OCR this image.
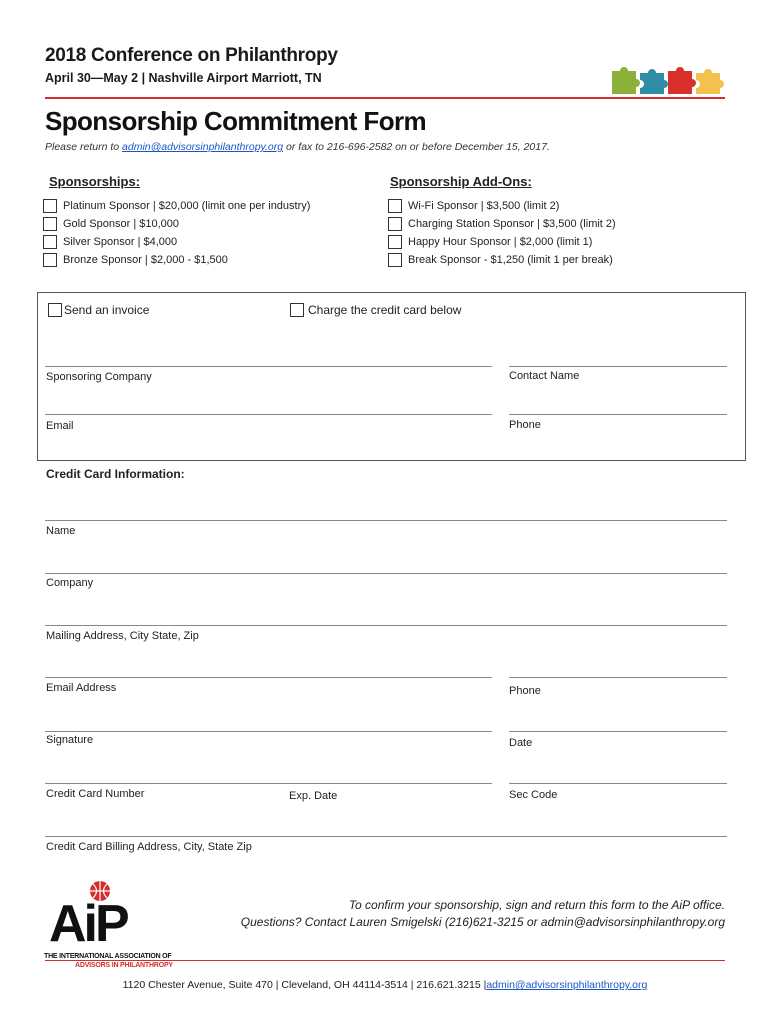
2018 Conference on Philanthropy
April 30—May 2 | Nashville Airport Marriott, TN
Sponsorship Commitment Form
Please return to admin@advisorsinphilanthropy.org or fax to 216-696-2582 on or before December 15, 2017.
Sponsorships:
Platinum Sponsor | $20,000 (limit one per industry)
Gold Sponsor | $10,000
Silver Sponsor | $4,000
Bronze Sponsor | $2,000 - $1,500
Sponsorship Add-Ons:
Wi-Fi Sponsor | $3,500 (limit 2)
Charging Station Sponsor | $3,500 (limit 2)
Happy Hour Sponsor | $2,000 (limit 1)
Break Sponsor - $1,250 (limit 1 per break)
Send an invoice	Charge the credit card below
Sponsoring Company	Contact Name
Email	Phone
Credit Card Information:
Name
Company
Mailing Address, City State, Zip
Email Address	Phone
Signature	Date
Credit Card Number	Exp. Date	Sec Code
Credit Card Billing Address, City, State Zip
AiP
THE INTERNATIONAL ASSOCIATION OF
ADVISORS IN PHILANTHROPY
To confirm your sponsorship, sign and return this form to the AiP office.
Questions? Contact Lauren Smigelski (216)621-3215 or admin@advisorsinphilanthropy.org
1120 Chester Avenue, Suite 470 | Cleveland, OH 44114-3514 | 216.621.3215 |admin@advisorsinphilanthropy.org
